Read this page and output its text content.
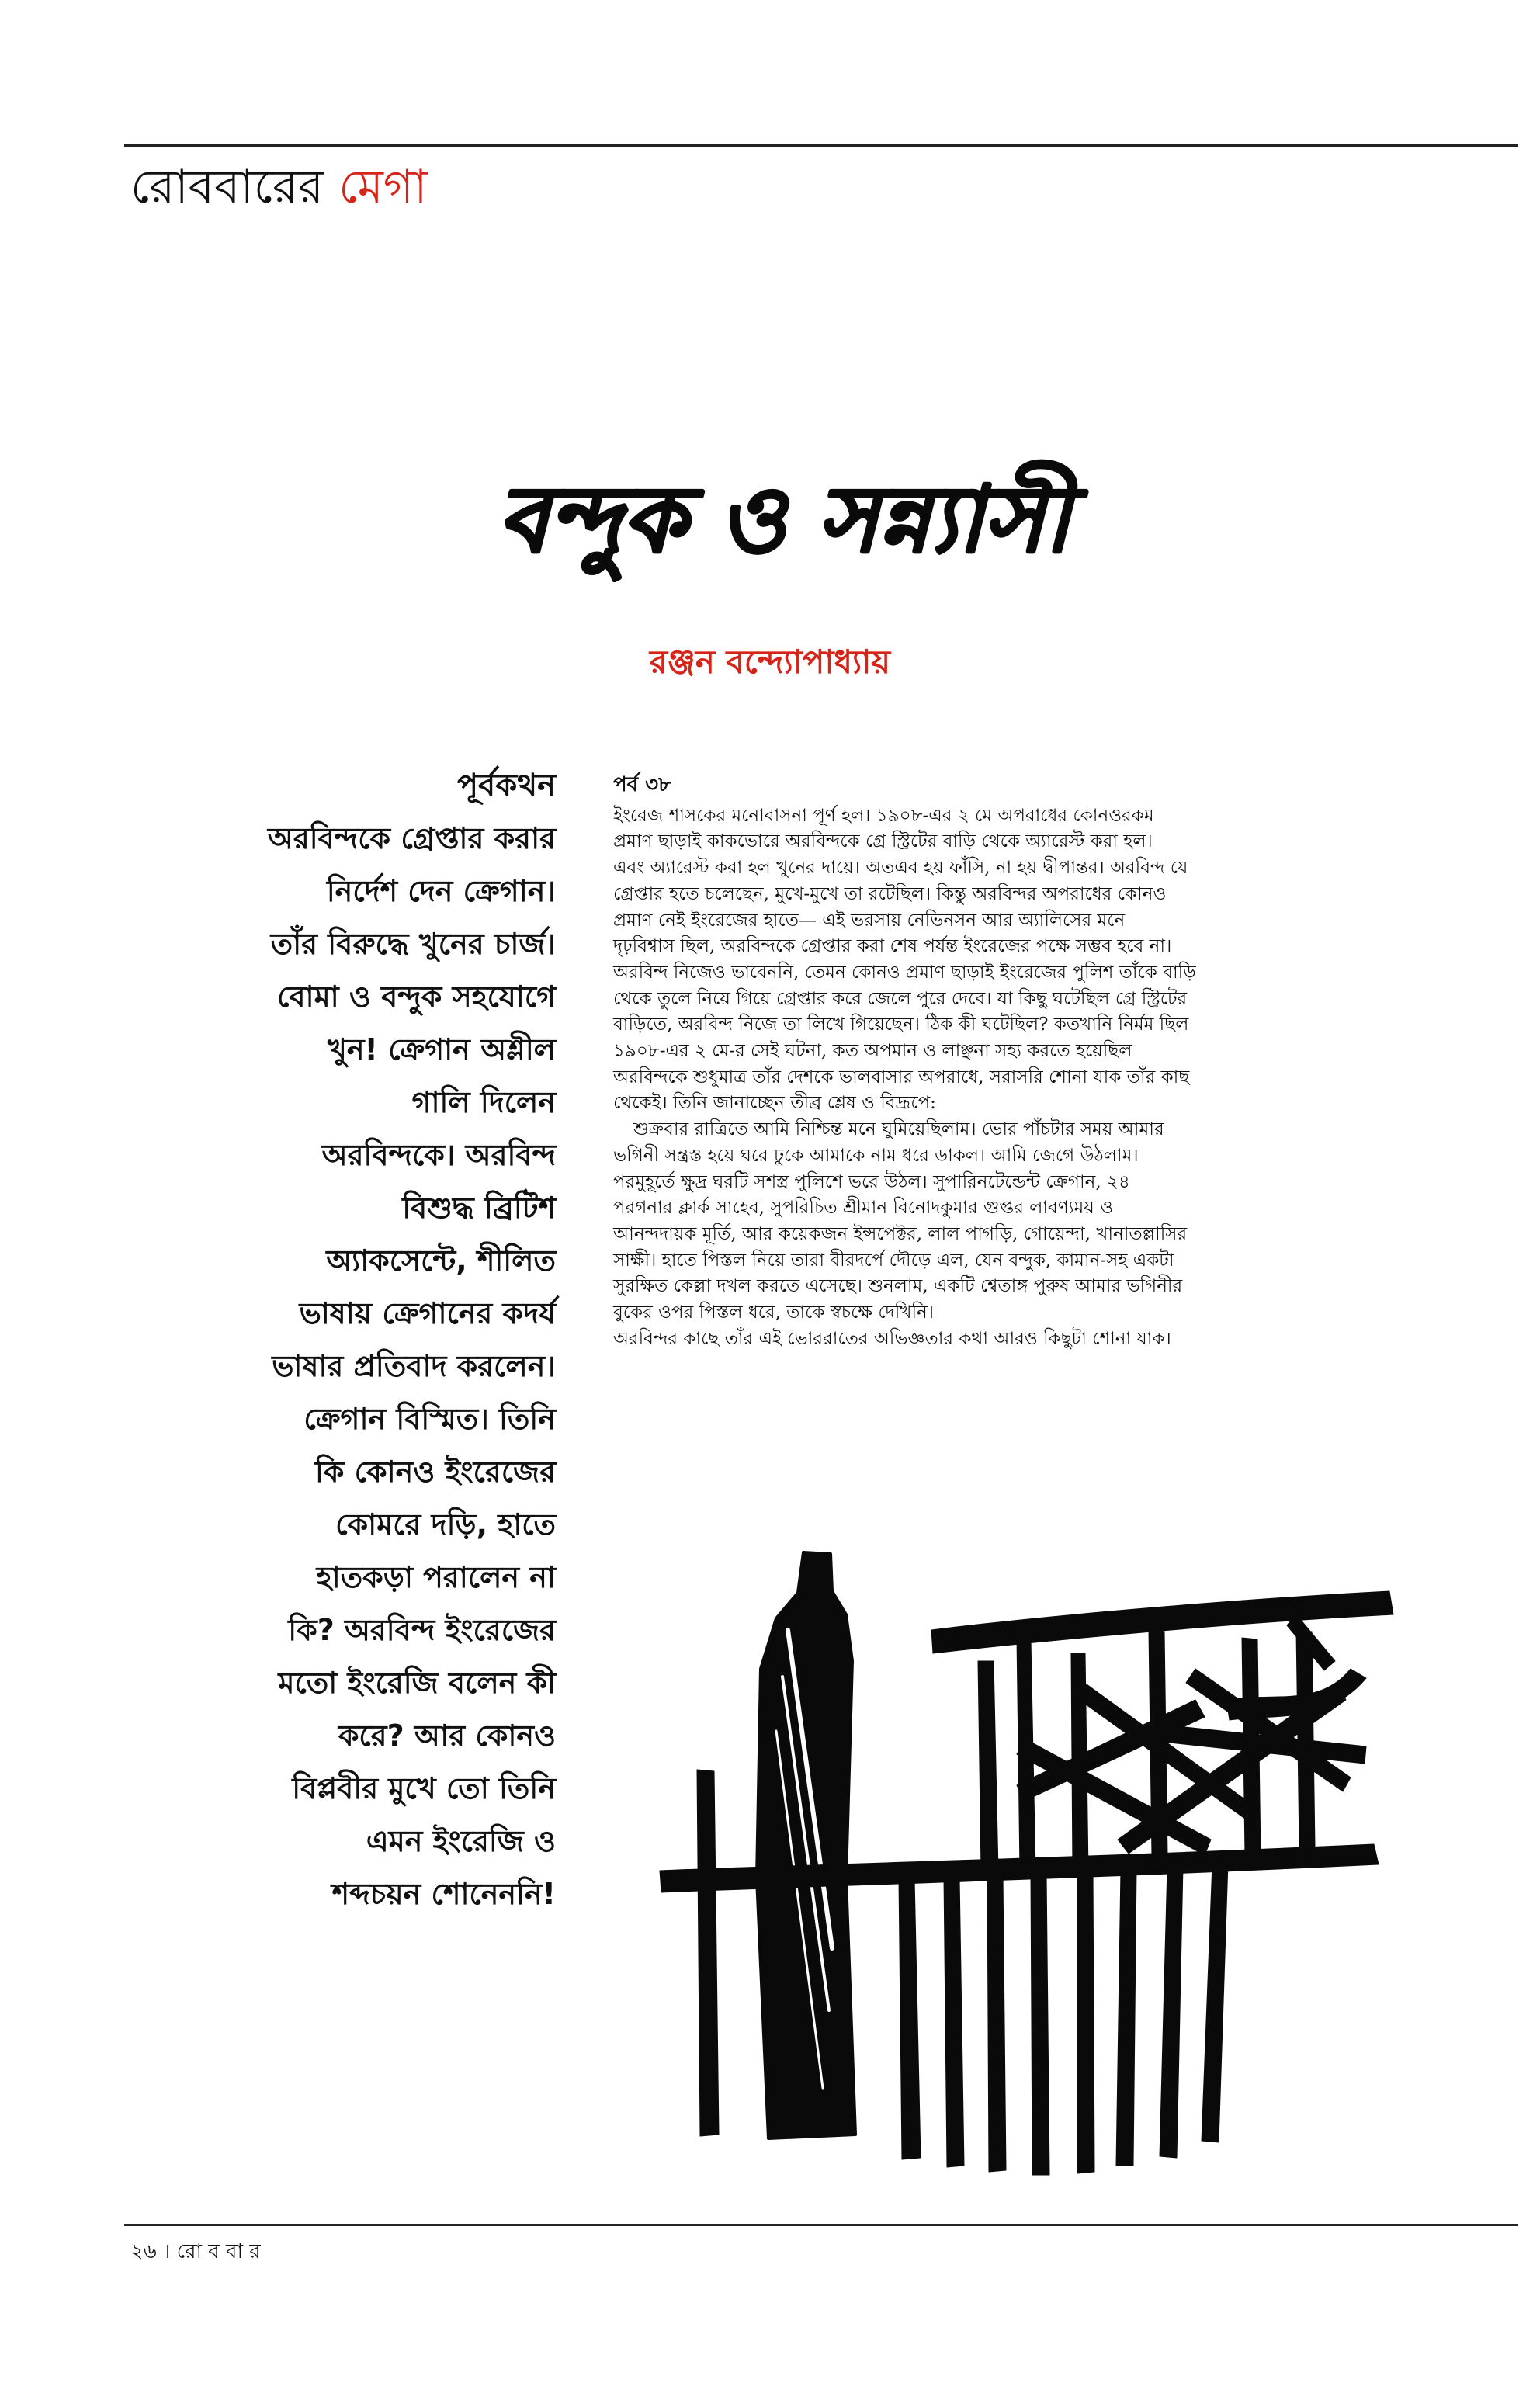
রোববারের মেগা
বন্দুক ও সন্ন্যাসী
রঞ্জন বন্দ্যোপাধ্যায়
পূর্বকথন
অরবিন্দকে গ্রেপ্তার করার
নির্দেশ দেন ক্রেগান।
তাঁর বিরুদ্ধে খুনের চার্জ।
বোমা ও বন্দুক সহযোগে
খুন! ক্রেগান অশ্লীল
গালি দিলেন
অরবিন্দকে। অরবিন্দ
বিশুদ্ধ ব্রিটিশ
অ্যাকসেন্টে, শীলিত
ভাষায় ক্রেগানের কদর্য
ভাষার প্রতিবাদ করলেন।
ক্রেগান বিস্মিত। তিনি
কি কোনও ইংরেজের
কোমরে দড়ি, হাতে
হাতকড়া পরালেন না
কি? অরবিন্দ ইংরেজের
মতো ইংরেজি বলেন কী
করে? আর কোনও
বিপ্লবীর মুখে তো তিনি
এমন ইংরেজি ও
শব্দচয়ন শোনেননি!
পর্ব ৩৮
ইংরেজ শাসকের মনোবাসনা পূর্ণ হল। ১৯০৮-এর ২ মে অপরাধের কোনওরকম
প্রমাণ ছাড়াই কাকভোরে অরবিন্দকে গ্রে স্ট্রিটের বাড়ি থেকে অ্যারেস্ট করা হল।
এবং অ্যারেস্ট করা হল খুনের দায়ে। অতএব হয় ফাঁসি, না হয় দ্বীপান্তর। অরবিন্দ যে
গ্রেপ্তার হতে চলেছেন, মুখে-মুখে তা রটেছিল। কিন্তু অরবিন্দর অপরাধের কোনও
প্রমাণ নেই ইংরেজের হাতে— এই ভরসায় নেভিনসন আর অ্যালিসের মনে
দৃঢ়বিশ্বাস ছিল, অরবিন্দকে গ্রেপ্তার করা শেষ পর্যন্ত ইংরেজের পক্ষে সম্ভব হবে না।
অরবিন্দ নিজেও ভাবেননি, তেমন কোনও প্রমাণ ছাড়াই ইংরেজের পুলিশ তাঁকে বাড়ি
থেকে তুলে নিয়ে গিয়ে গ্রেপ্তার করে জেলে পুরে দেবে। যা কিছু ঘটেছিল গ্রে স্ট্রিটের
বাড়িতে, অরবিন্দ নিজে তা লিখে গিয়েছেন। ঠিক কী ঘটেছিল? কতখানি নির্মম ছিল
১৯০৮-এর ২ মে-র সেই ঘটনা, কত অপমান ও লাঞ্ছনা সহ্য করতে হয়েছিল
অরবিন্দকে শুধুমাত্র তাঁর দেশকে ভালবাসার অপরাধে, সরাসরি শোনা যাক তাঁর কাছ
থেকেই। তিনি জানাচ্ছেন তীব্র শ্লেষ ও বিদ্রূপে:
শুক্রবার রাত্রিতে আমি নিশ্চিন্ত মনে ঘুমিয়েছিলাম। ভোর পাঁচটার সময় আমার
ভগিনী সন্ত্রস্ত হয়ে ঘরে ঢুকে আমাকে নাম ধরে ডাকল। আমি জেগে উঠলাম।
পরমুহূর্তে ক্ষুদ্র ঘরটি সশস্ত্র পুলিশে ভরে উঠল। সুপারিনটেন্ডেন্ট ক্রেগান, ২৪
পরগনার ক্লার্ক সাহেব, সুপরিচিত শ্রীমান বিনোদকুমার গুপ্তর লাবণ্যময় ও
আনন্দদায়ক মূর্তি, আর কয়েকজন ইন্সপেক্টর, লাল পাগড়ি, গোয়েন্দা, খানাতল্লাসির
সাক্ষী। হাতে পিস্তল নিয়ে তারা বীরদর্পে দৌড়ে এল, যেন বন্দুক, কামান-সহ একটা
সুরক্ষিত কেল্লা দখল করতে এসেছে। শুনলাম, একটি শ্বেতাঙ্গ পুরুষ আমার ভগিনীর
বুকের ওপর পিস্তল ধরে, তাকে স্বচক্ষে দেখিনি।
অরবিন্দর কাছে তাঁর এই ভোররাতের অভিজ্ঞতার কথা আরও কিছুটা শোনা যাক।
২৬ । রো ব বা র
